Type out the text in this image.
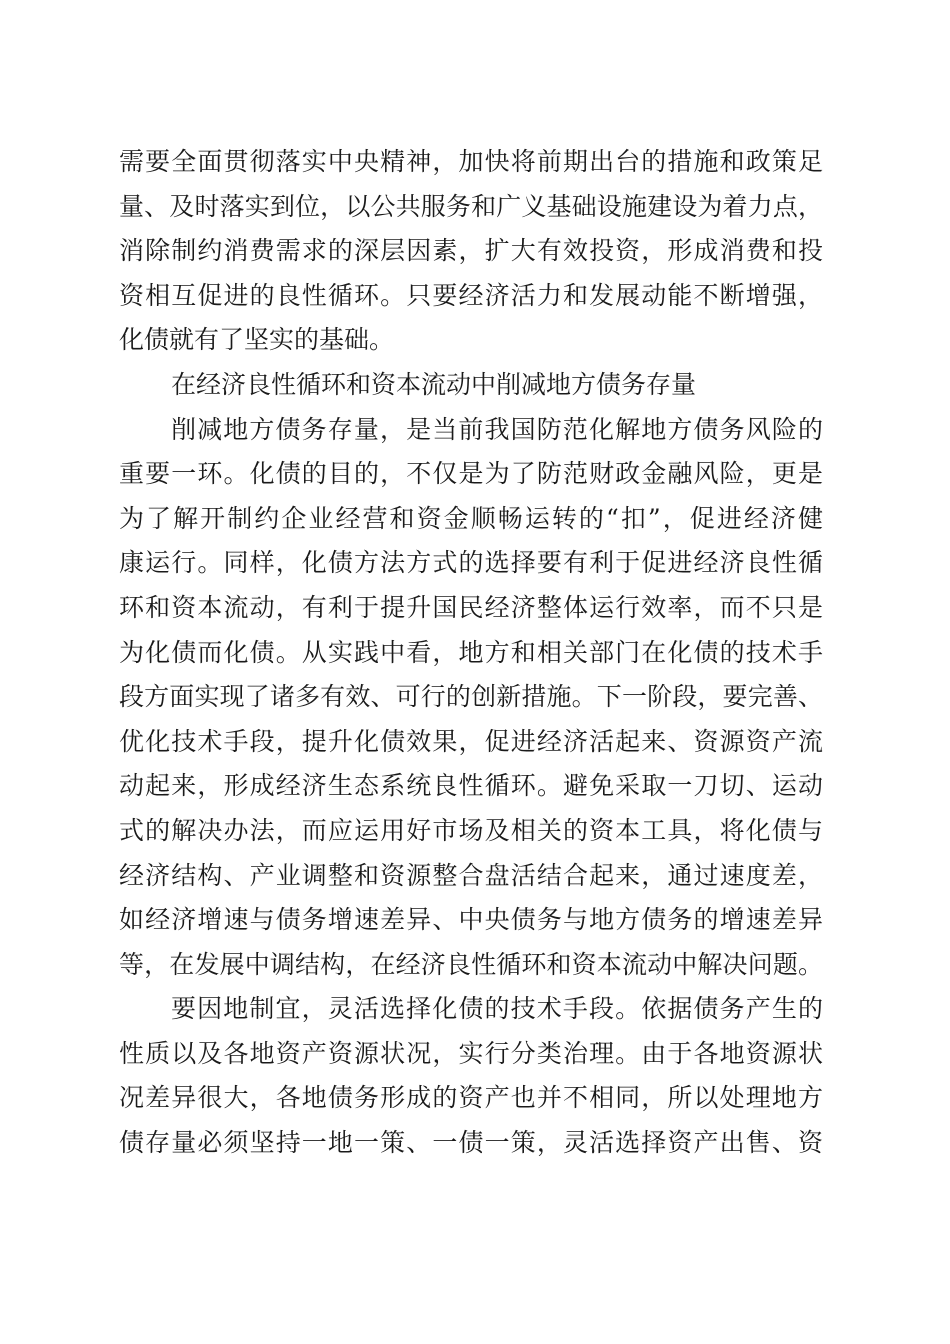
需要全面贯彻落实中央精神，加快将前期出台的措施和政策足
量、及时落实到位，以公共服务和广义基础设施建设为着力点，
消除制约消费需求的深层因素，扩大有效投资，形成消费和投
资相互促进的良性循环。只要经济活力和发展动能不断增强，
化债就有了坚实的基础。
在经济良性循环和资本流动中削减地方债务存量
削减地方债务存量，是当前我国防范化解地方债务风险的
重要一环。化债的目的，不仅是为了防范财政金融风险，更是
为了解开制约企业经营和资金顺畅运转的“扣”，促进经济健
康运行。同样，化债方法方式的选择要有利于促进经济良性循
环和资本流动，有利于提升国民经济整体运行效率，而不只是
为化债而化债。从实践中看，地方和相关部门在化债的技术手
段方面实现了诸多有效、可行的创新措施。下一阶段，要完善、
优化技术手段，提升化债效果，促进经济活起来、资源资产流
动起来，形成经济生态系统良性循环。避免采取一刀切、运动
式的解决办法，而应运用好市场及相关的资本工具，将化债与
经济结构、产业调整和资源整合盘活结合起来，通过速度差，
如经济增速与债务增速差异、中央债务与地方债务的增速差异
等，在发展中调结构，在经济良性循环和资本流动中解决问题。
要因地制宜，灵活选择化债的技术手段。依据债务产生的
性质以及各地资产资源状况，实行分类治理。由于各地资源状
况差异很大，各地债务形成的资产也并不相同，所以处理地方
债存量必须坚持一地一策、一债一策，灵活选择资产出售、资
